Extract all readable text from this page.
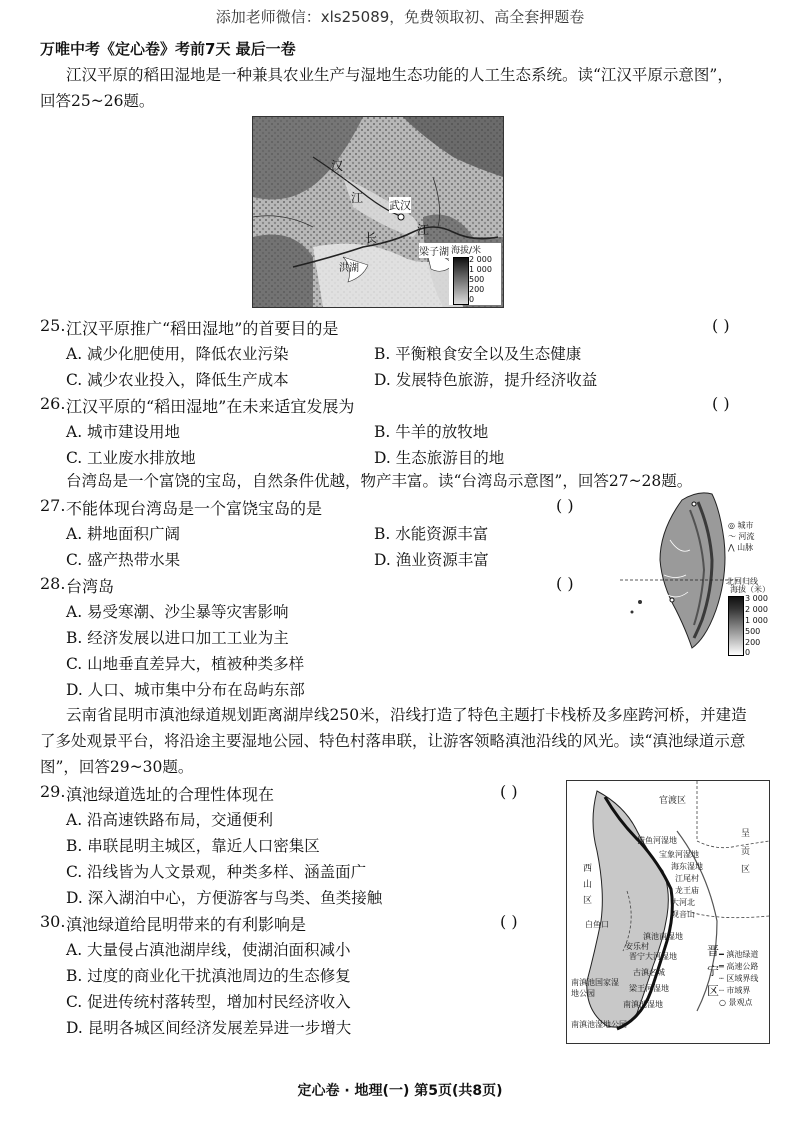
添加老师微信：xls25089，免费领取初、高全套押题卷
万唯中考《定心卷》考前7天 最后一卷
江汉平原的稻田湿地是一种兼具农业生产与湿地生态功能的人工生态系统。读“江汉平原示意图”，
回答25~26题。
汉
江
武汉
长
江
洪湖
梁子湖 海拔/米
2 000
1 000
500
200
0
25. 江汉平原推广“稻田湿地”的首要目的是	( )
A. 减少化肥使用，降低农业污染	B. 平衡粮食安全以及生态健康
C. 减少农业投入，降低生产成本	D. 发展特色旅游，提升经济收益
26. 江汉平原的“稻田湿地”在未来适宜发展为	( )
A. 城市建设用地	B. 牛羊的放牧地
C. 工业废水排放地	D. 生态旅游目的地
台湾岛是一个富饶的宝岛，自然条件优越，物产丰富。读“台湾岛示意图”，回答27~28题。
27. 不能体现台湾岛是一个富饶宝岛的是	( )
A. 耕地面积广阔	B. 水能资源丰富
C. 盛产热带水果	D. 渔业资源丰富
28. 台湾岛	( )
A. 易受寒潮、沙尘暴等灾害影响
B. 经济发展以进口加工工业为主
C. 山地垂直差异大，植被种类多样
D. 人口、城市集中分布在岛屿东部
◎ 城市
〜 河流
⋀ 山脉
北回归线
海拔（米）
3 000
2 000
1 000
500
200
0
云南省昆明市滇池绿道规划距离湖岸线250米，沿线打造了特色主题打卡栈桥及多座跨河桥，并建造
了多处观景平台，将沿途主要湿地公园、特色村落串联，让游客领略滇池沿线的风光。读“滇池绿道示意
图”，回答29~30题。
29. 滇池绿道选址的合理性体现在	( )
A. 沿高速铁路布局，交通便利
B. 串联昆明主城区，靠近人口密集区
C. 沿线皆为人文景观，种类多样、涵盖面广
D. 深入湖泊中心，方便游客与鸟类、鱼类接触
30. 滇池绿道给昆明带来的有利影响是	( )
A. 大量侵占滇池湖岸线，使湖泊面积减小
B. 过度的商业化干扰滇池周边的生态修复
C. 促进传统村落转型，增加村民经济收入
D. 昆明各城区间经济发展差异进一步增大
官渡区
呈贡区
西山区
晋宁区
捞鱼河湿地
宝象河湿地
海东湿地
江尾村
龙王庙
大河北
观音山
白鱼口
滇池南湿地
晋宁大河湿地
南滇池国家湿地公园
古滇名城
梁王河湿地
安乐村
南滇池湿地
南滇池湿地公园
━ 滇池绿道
═ 高速公路
┄ 区域界线
┈ 市域界
○ 景观点
定心卷 · 地理(一) 第5页(共8页)
